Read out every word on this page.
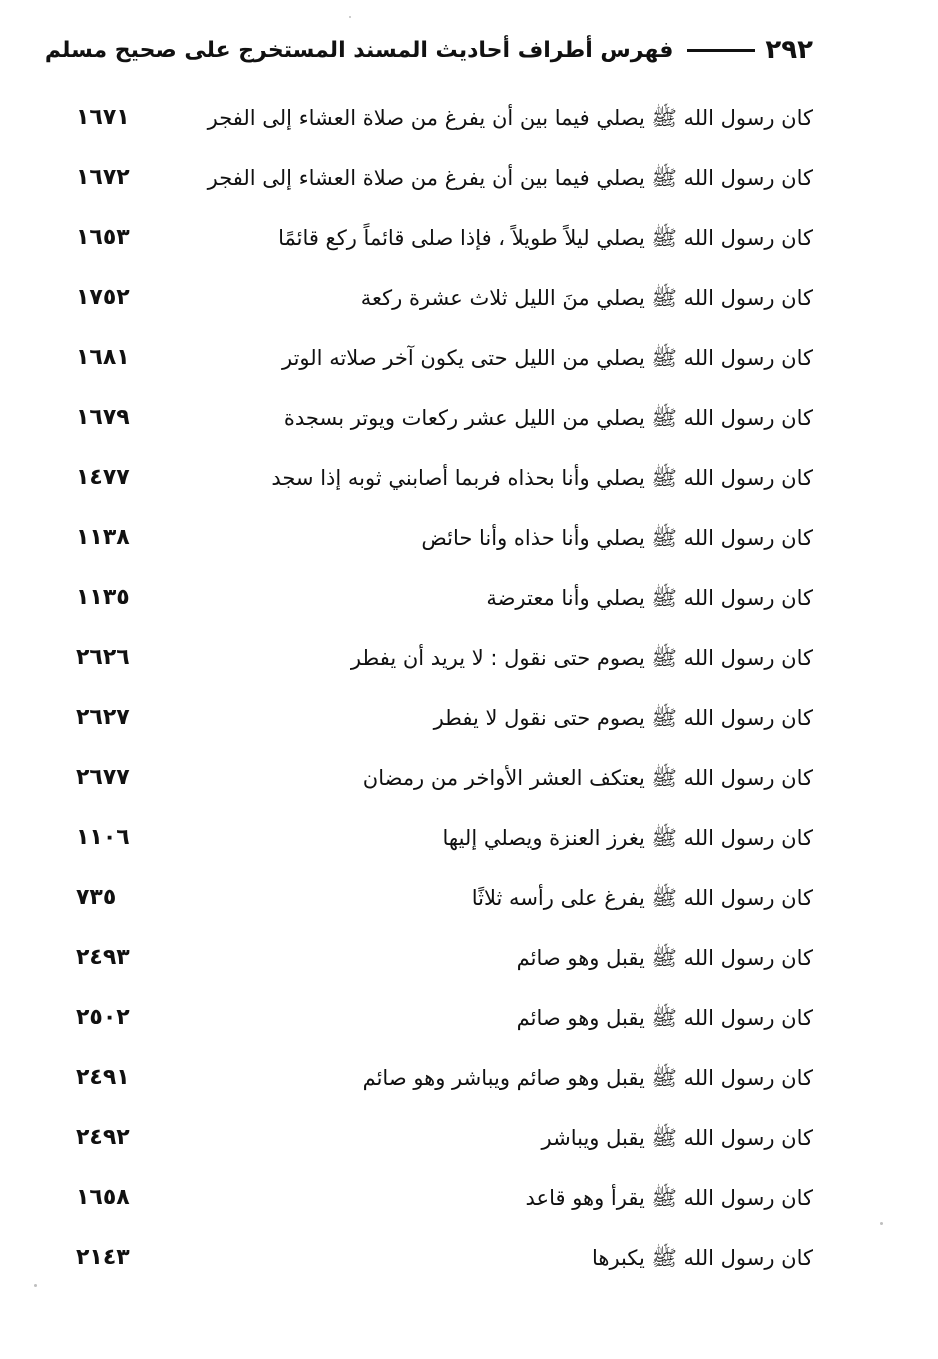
٢٩٢
فهرس أطراف أحاديث المسند المستخرج على صحيح مسلم
كان رسول الله ﷺ يصلي فيما بين أن يفرغ من صلاة العشاء إلى الفجر
١٦٧١
كان رسول الله ﷺ يصلي فيما بين أن يفرغ من صلاة العشاء إلى الفجر
١٦٧٢
كان رسول الله ﷺ يصلي ليلاً طويلاً ، فإذا صلى قائماً ركع قائمًا
١٦٥٣
كان رسول الله ﷺ يصلي منَ الليل ثلاث عشرة ركعة
١٧٥٢
كان رسول الله ﷺ يصلي من الليل حتى يكون آخر صلاته الوتر
١٦٨١
كان رسول الله ﷺ يصلي من الليل عشر ركعات ويوتر بسجدة
١٦٧٩
كان رسول الله ﷺ يصلي وأنا بحذاه فربما أصابني ثوبه إذا سجد
١٤٧٧
كان رسول الله ﷺ يصلي وأنا حذاه وأنا حائض
١١٣٨
كان رسول الله ﷺ يصلي وأنا معترضة
١١٣٥
كان رسول الله ﷺ يصوم حتى نقول : لا يريد أن يفطر
٢٦٢٦
كان رسول الله ﷺ يصوم حتى نقول لا يفطر
٢٦٢٧
كان رسول الله ﷺ يعتكف العشر الأواخر من رمضان
٢٦٧٧
كان رسول الله ﷺ يغرز العنزة ويصلي إليها
١١٠٦
كان رسول الله ﷺ يفرغ على رأسه ثلاثًا
٧٣٥
كان رسول الله ﷺ يقبل وهو صائم
٢٤٩٣
كان رسول الله ﷺ يقبل وهو صائم
٢٥٠٢
كان رسول الله ﷺ يقبل وهو صائم ويباشر وهو صائم
٢٤٩١
كان رسول الله ﷺ يقبل ويباشر
٢٤٩٢
كان رسول الله ﷺ يقرأ وهو قاعد
١٦٥٨
كان رسول الله ﷺ يكبرها
٢١٤٣
